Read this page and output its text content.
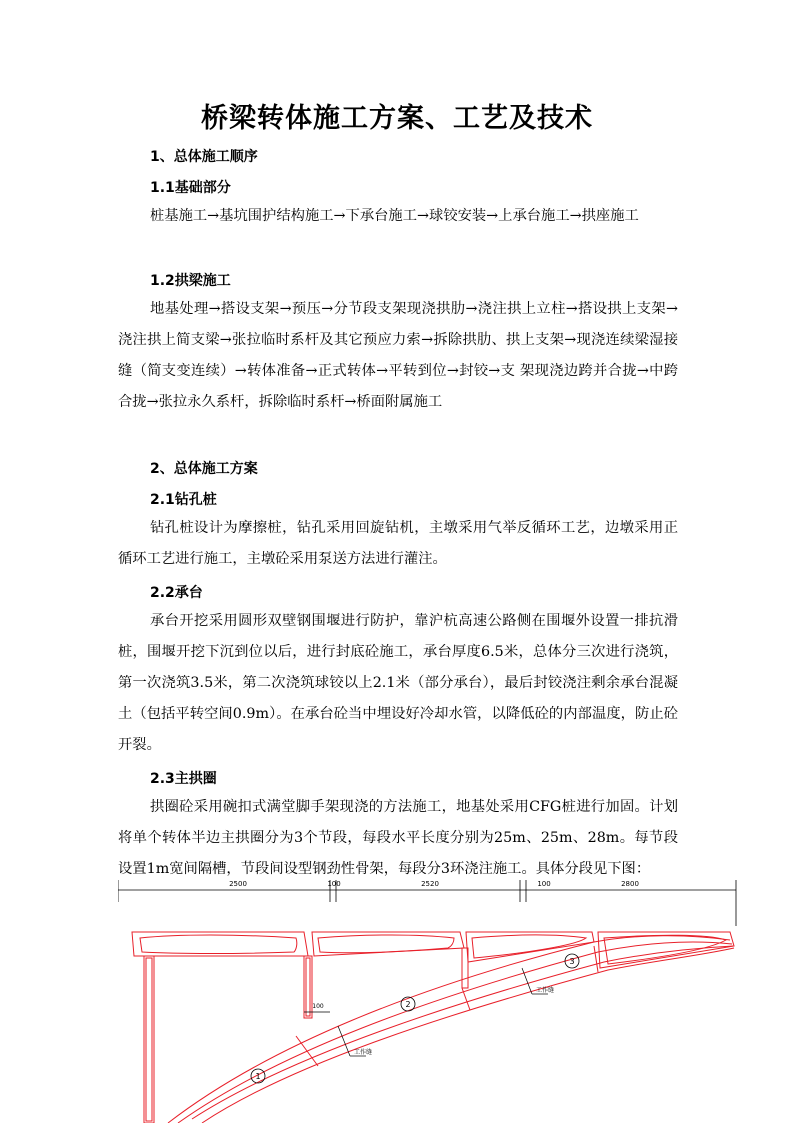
桥梁转体施工方案、工艺及技术
1、总体施工顺序
1.1基础部分
桩基施工→基坑围护结构施工→下承台施工→球铰安装→上承台施工→拱座施工
1.2拱梁施工
地基处理→搭设支架→预压→分节段支架现浇拱肋→浇注拱上立柱→搭设拱上支架→浇注拱上简支梁→张拉临时系杆及其它预应力索→拆除拱肋、拱上支架→现浇连续梁湿接缝（简支变连续）→转体准备→正式转体→平转到位→封铰→支 架现浇边跨并合拢→中跨合拢→张拉永久系杆，拆除临时系杆→桥面附属施工
2、总体施工方案
2.1钻孔桩
钻孔桩设计为摩擦桩，钻孔采用回旋钻机，主墩采用气举反循环工艺，边墩采用正循环工艺进行施工，主墩砼采用泵送方法进行灌注。
2.2承台
承台开挖采用圆形双壁钢围堰进行防护，靠沪杭高速公路侧在围堰外设置一排抗滑桩，围堰开挖下沉到位以后，进行封底砼施工，承台厚度6.5米，总体分三次进行浇筑，第一次浇筑3.5米，第二次浇筑球铰以上2.1米（部分承台），最后封铰浇注剩余承台混凝土（包括平转空间0.9m）。在承台砼当中埋设好冷却水管，以降低砼的内部温度，防止砼开裂。
2.3主拱圈
拱圈砼采用碗扣式满堂脚手架现浇的方法施工，地基处采用CFG桩进行加固。计划将单个转体半边主拱圈分为3个节段，每段水平长度分别为25m、25m、28m。每节段设置1m宽间隔槽，节段间设型钢劲性骨架，每段分3环浇注施工。具体分段见下图：
2500	100	2520	100	2800
1
2
3
工作缝
工作缝
100
